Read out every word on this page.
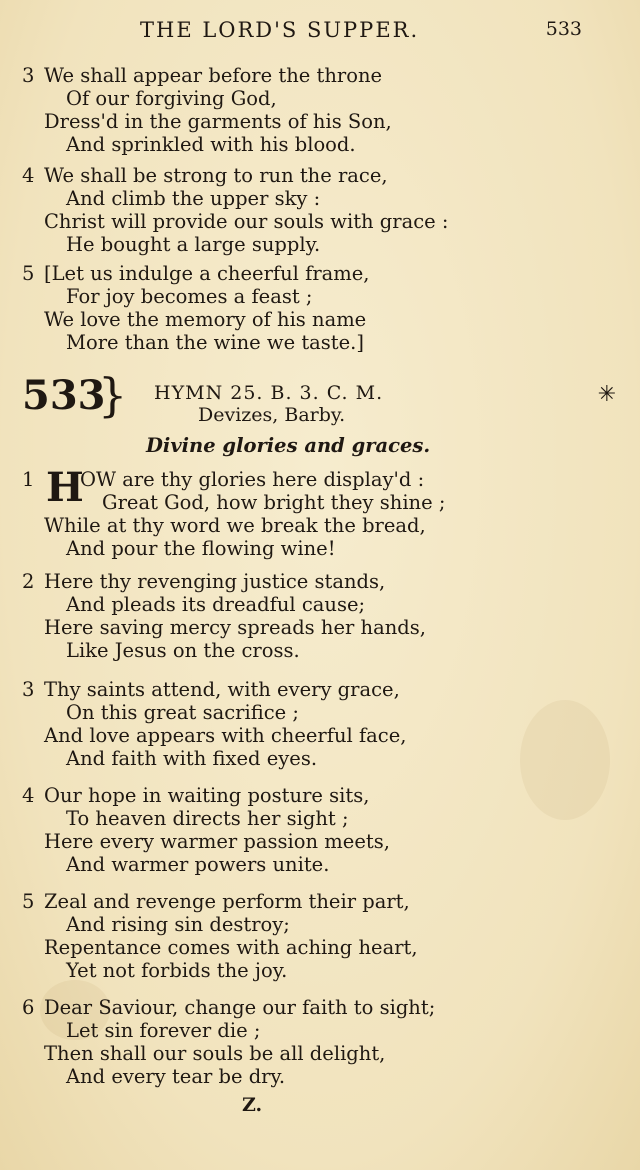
THE LORD'S SUPPER.	533
3 We shall appear before the throne
Of our forgiving God,
Dress'd in the garments of his Son,
And sprinkled with his blood.
4 We shall be strong to run the race,
And climb the upper sky :
Christ will provide our souls with grace :
He bought a large supply.
5 [Let us indulge a cheerful frame,
For joy becomes a feast ;
We love the memory of his name
More than the wine we taste.]
533
} HYMN 25. B. 3. C. M.
Devizes, Barby.
✳
Divine glories and graces.
1 OW are thy glories here display'd :
Great God, how bright they shine ;
While at thy word we break the bread,
And pour the flowing wine!
H
2 Here thy revenging justice stands,
And pleads its dreadful cause;
Here saving mercy spreads her hands,
Like Jesus on the cross.
3 Thy saints attend, with every grace,
On this great sacrifice ;
And love appears with cheerful face,
And faith with fixed eyes.
4 Our hope in waiting posture sits,
To heaven directs her sight ;
Here every warmer passion meets,
And warmer powers unite.
5 Zeal and revenge perform their part,
And rising sin destroy;
Repentance comes with aching heart,
Yet not forbids the joy.
6 Dear Saviour, change our faith to sight;
Let sin forever die ;
Then shall our souls be all delight,
And every tear be dry.
Z.
